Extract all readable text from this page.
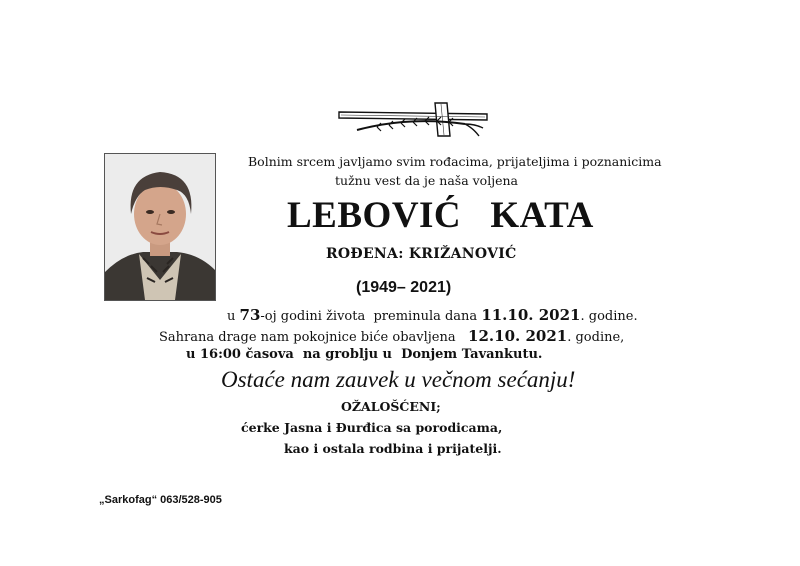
Bolnim srcem javljamo svim rođacima, prijateljima i poznanicima
tužnu vest da je naša voljena
LEBOVIĆ   KATA
ROĐENA: KRIŽANOVIĆ
(1949– 2021)
u 73-oj godini života  preminula dana 11.10. 2021. godine.
Sahrana drage nam pokojnice biće obavljena   12.10. 2021. godine,
u 16:00 časova  na groblju u  Donjem Tavankutu.
Ostaće nam zauvek u večnom sećanju!
OŽALOŠĆENI;
ćerke Jasna i Đurđica sa porodicama,
kao i ostala rodbina i prijatelji.
„Sarkofag“ 063/528-905
